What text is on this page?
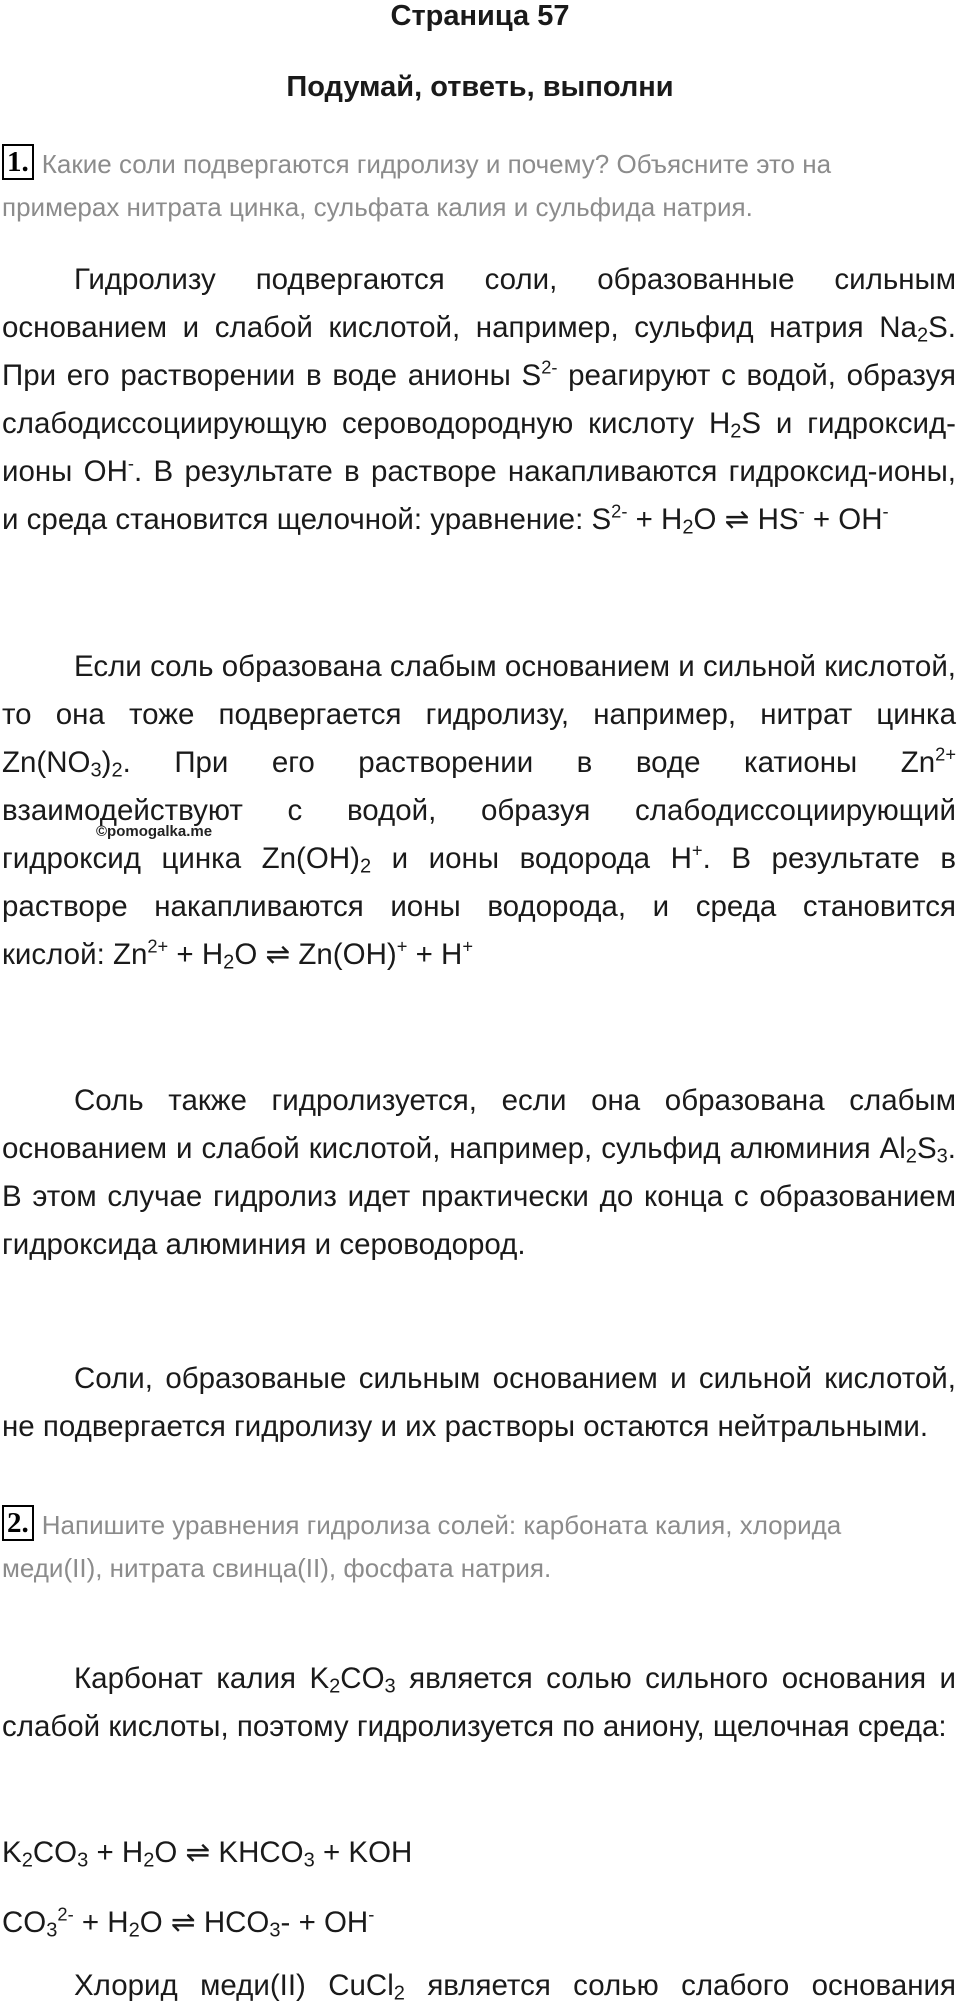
Страница 57
Подумай, ответь, выполни
1. Какие соли подвергаются гидролизу и почему? Объясните это на примерах нитрата цинка, сульфата калия и сульфида натрия.
Гидролизу подвергаются соли, образованные сильным основанием и слабой кислотой, например, сульфид натрия $Na_2S$. При его растворении в воде анионы $S^{2-}$ реагируют с водой, образуя слабодиссоциирующую сероводородную кислоту $H_2S$ и гидроксид-ионы OH-. В результате в растворе накапливаются гидроксид-ионы, и среда становится щелочной: уравнение: $S^{2-} + H_2O$ ⇌ HS- + OH-
Если соль образована слабым основанием и сильной кислотой, то она тоже подвергается гидролизу, например, нитрат цинка $Zn(NO_3)_2$. При его растворении в воде катионы $Zn^{2+}$ взаимодействуют с водой, образуя слабодиссоциирующий гидроксид цинка $Zn(OH)_2$ и ионы водорода H+. В результате в растворе накапливаются ионы водорода, и среда становится кислой: $Zn^{2+} + H_2O$ ⇌ Zn(OH)+ + H+
©pomogalka.me
Соль также гидролизуется, если она образована слабым основанием и слабой кислотой, например, сульфид алюминия $Al_2S_3$. В этом случае гидролиз идет практически до конца с образованием гидроксида алюминия и сероводород.
Соли, образованые сильным основанием и сильной кислотой, не подвергается гидролизу и их растворы остаются нейтральными.
2. Напишите уравнения гидролиза солей: карбоната калия, хлорида меди(II), нитрата свинца(II), фосфата натрия.
Карбонат калия $K_2CO_3$ является солью сильного основания и слабой кислоты, поэтому гидролизуется по аниону, щелочная среда:
$K_2CO_3 + H_2O$ ⇌ $KHCO_3$ + KOH
$CO_3^{2-} + H_2O$ ⇌ $HCO_3- + OH^-$
Хлорид меди(II) CuCl$_2$ является солью слабого основания
